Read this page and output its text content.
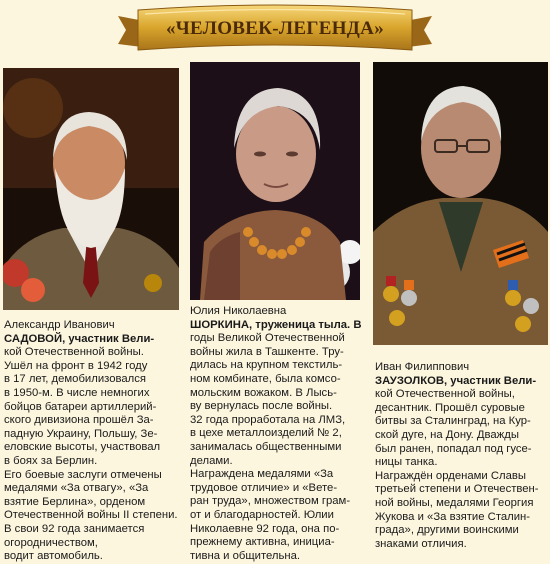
«ЧЕЛОВЕК-ЛЕГЕНДА»

Александр Иванович

САДОВОЙ, участник Вели-

кой Отечественной войны.

Ушёл на фронт в 1942 году

в 17 лет, демобилизовался

в 1950-м. В числе немногих

бойцов батареи артиллерий-

ского дивизиона прошёл За-

падную Украину, Польшу, Зе-

еловские высоты, участвовал

в боях за Берлин.

Его боевые заслуги отмечены

медалями «За отвагу», «За

взятие Берлина», орденом

Отечественной войны II степени.

В свои 92 года занимается

огородничеством,

водит автомобиль.

Юлия Николаевна

ШОРКИНА, труженица тыла. В

годы Великой Отечественной

войны жила в Ташкенте. Тру-

дилась на крупном текстиль-

ном комбинате, была комсо-

мольским вожаком. В Лысь-

ву вернулась после войны.

32 года проработала на ЛМЗ,

в цехе металлоизделий № 2,

занималась общественными

делами.

Награждена медалями «За

трудовое отличие» и «Вете-

ран труда», множеством грам-

от и благодарностей. Юлии

Николаевне 92 года, она по-

прежнему активна, инициа-

тивна и общительна.

Иван Филиппович

ЗАУЗОЛКОВ, участник Вели-

кой Отечественной войны,

десантник. Прошёл суровые

битвы за Сталинград, на Кур-

ской дуге, на Дону. Дважды

был ранен, попадал под гусе-

ницы танка.

Награждён орденами Славы

третьей степени и Отечествен-

ной войны, медалями Георгия

Жукова и «За взятие Сталин-

града», другими воинскими

знаками отличия.
